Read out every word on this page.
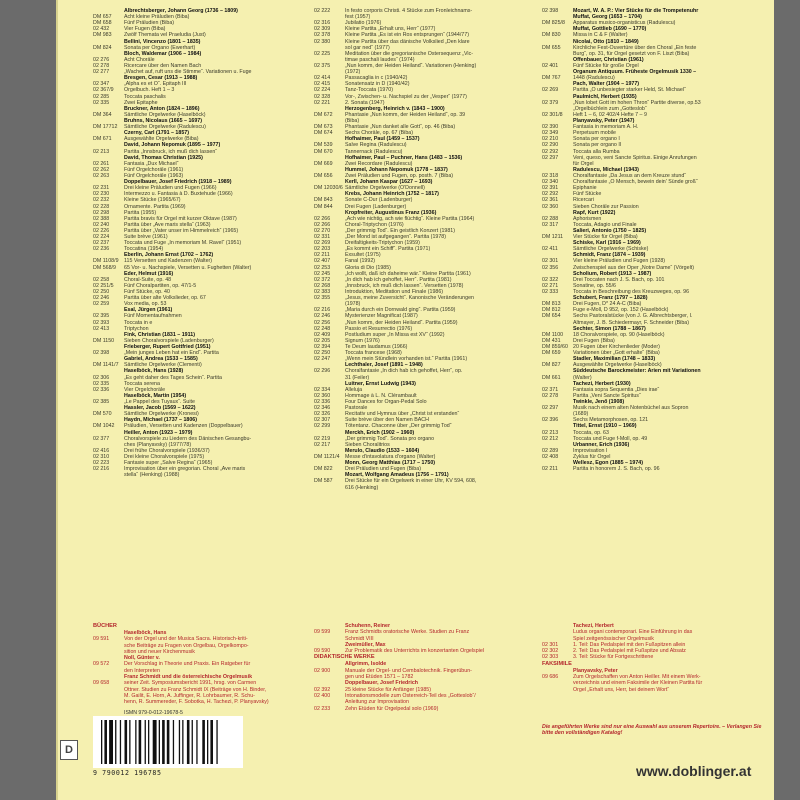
Albrechtsberger, Johann Georg (1736 – 1809)
DM 657	Acht kleine Präludien (Biba)
DM 658	Fünf Präludien (Biba)
02 432	Vier Fugen (Biba)
DM 983	Zwölf Themata vel Praeludia (Just)
Bellini, Vincenzo (1801 – 1835)
DM 824	Sonata per Organo (Ewerhart)
Bloch, Waldemar (1906 – 1984)
02 276	Acht Choräle
02 278	Ricercare über den Namen Bach
02 277	„Wachet auf, ruft uns die Stimme“. Variationen u. Fuge
Bresgen, Cesar (1913 – 1988)
02 347	„Alpha es et O“. Epitaph III
02 367/9	Orgelbuch. Heft 1 – 3
02 285	Toccata paschalis
02 335	Zwei Epitaphe
Bruckner, Anton (1824 – 1896)
DM 364	Sämtliche Orgelwerke (Haselböck)
Bruhns, Nicolaus (1665 – 1697)
DM 17712	Sämtliche Orgelwerke (Radulescu)
Czerny, Carl (1791 – 1857)
DM 671	Ausgewählte Orgelwerke (Biba)
David, Johann Nepomuk (1895 – 1977)
02 213	Partita „Innsbruck, ich muß dich lassen“
David, Thomas Christian (1925)
02 261	Fantasia „Dux Michael“
02 262	Fünf Orgelchoräle (1961)
02 263	Fünf Orgelchoräle (1963)
Doppelbauer, Josef Friedrich (1918 – 1989)
02 231	Drei kleine Präludien und Fugen (1966)
02 230	Intermezzo u. Fantasia à D. Buxtehude (1966)
02 232	Kleine Stücke (1965/67)
02 228	Ornamente. Partita (1969)
02 298	Partita (1955)
02 388	Partita bravis für Orgel mit kurzer Oktave (1987)
02 240	Partita über „Ave maris stella“ (1963)
02 226	Partita über „Vater unser im Himmelreich“ (1965)
02 224	Suite brève (1961)
02 237	Toccata und Fuge „In memoriam M. Ravel“ (1951)
02 236	Toccatina (1954)
Eberlin, Johann Ernst (1702 – 1762)
DM 1108/9	115 Versetten und Kadenzen (Walter)
DM 568/9	65 Vor- u. Nachspiele, Versetten u. Fughetten (Walter)
Eder, Helmut (1916)
02 258	Choral-Suite, op. 48
02 251/5	Fünf Choralpartiten, op. 47/1-5
02 250	Fünf Stücke, op. 40
02 246	Partita über alte Volkslieder, op. 67
02 259	Vox media, op. 53
Esal, Jürgen (1961)
02 395	Fünf Momentaufnahmen
02 393	Toccata in e
02 413	Triptychon
Fink, Christian (1831 – 1911)
DM 1150	Sieben Choralvorspiele (Ladenburger)
Frieberger, Rupert Gottfried (1951)
02 398	„Mein junges Leben hat ein End“. Partita
Gabriel, Andrea (1533 – 1585)
DM 1141/7	Sämtliche Orgelwerke (Clementi)
Haselböck, Hans (1928)
02 306	„Es geht daher des Tages Schein“. Partita
02 335	Toccata serena
02 336	Vier Orgelchoräle
Haselböck, Martin (1954)
02 385	„Le Pappel des Tuyaux“. Suite
Hassler, Jacob (1569 – 1622)
DM 570	Sämtliche Orgelwerke (Kronesi)
Haydn, Michael (1737 – 1806)
DM 1042	Präludien, Versetten und Kadenzen (Doppelbauer)
Heiller, Anton (1923 – 1979)
02 377	Choralvorspiele zu Liedern des Dänischen Gesangbu-
ches (Planyavsky) (1977/78)
02 416	Drei frühe Choralvorspiele (1936/37)
02 310	Drei kleine Choralvorspiele (1975)
02 223	Fantasie super „Salve Regina“ (1965)
02 216	Improvisation über ein gregorian. Choral „Ave maris
stella“ (Henking) (1988)
02 222	In festo corporis Christi. 4 Stücke zum Fronleichnams-
fest (1957)
02 316	Jubilatio (1976)
02 309	Kleine Partita „Erhalt uns, Herr“ (1977)
02 378	Kleine Partita „Es ist ein Ros entsprungen“ (1944/77)
02 380	Kleine Partita über das dänische Volkslied „Den klare
sol gar ned“ (1977)
02 225	Meditation über die gregorianische Ostersequenz „Vic-
timae paschali laudes“ (1974)
02 375	„Nun komm, der Heiden Heiland“. Variationen (Henking)
(1972)
02 414	Passacaglia in c (1940/42)
02 415	Sonatensatz in D (1940/42)
02 224	Tanz-Toccata (1970)
02 328	Vor-, Zwischen- u. Nachspiel zu der „Vesper“ (1977)
02 221	2. Sonata (1947)
Herzogenberg, Heinrich v. (1843 – 1900)
DM 672	Phantasie „Nun komm, der Heiden Heiland“, op. 39
(Biba)
DM 673	Phantasie „Nun danket alle Gott“, op. 46 (Biba)
DM 674	Sechs Choräle, op. 67 (Biba)
Hofhaimer, Paul (1459 – 1537)
DM 539	Salve Regina (Radulescu)
DM 670	Tannernack (Radulescu)
Hofhaimer, Paul – Puchner, Hans (1483 – 1536)
DM 669	Zwei Recordare (Radulescu)
Hummel, Johann Nepomuk (1778 – 1837)
DM 656	Zwei Präludien und Fugen, op. posth. 7 (Biba)
Kerll, Johann Kaspar (1627 – 1693)
DM 12030/6 Sämtliche Orgelwerke (O'Donnell)
Krebs, Johann Heinrich (1752 – 1817)
DM 843	Sonate C-Dur (Ladenburger)
DM 844	Drei Fugen (Ladenburger)
Kropfreiter, Augustinus Franz (1936)
02 266	„Ach wie nichtig, ach wie flüchtig“. Kleine Partita (1964)
02 266	Choral-Triptychon (1976)
02 270	„Der grimmig Tod“. Ein geistlich Konzert (1981)
02 331	„Der Mond ist aufgegangen“. Partita (1978)
02 269	Dreifaltigkeits-Triptychon (1959)
02 203	„Es kommt ein Schiff“. Partita (1971)
02 211	Exsultet (1975)
02 407	Fanal (1992)
02 253	Gloria di Dio (1985)
02 245	„Ich wollt, daß ich daheime wär.“ Kleine Partita (1961)
02 372	„In dich hab ich gehoffet, Herr“. Partita (1981)
02 268	„Innsbruck, ich muß dich lassen“. Versetten (1978)
02 383	Introduktion, Meditation und Finale (1986)
02 355	„Jesus, meine Zuversicht“. Kanonische Veränderungen
(1978)
02 216	„Maria durch ein Dornwald ging“. Partita (1959)
02 246	Mysterienzer Magnificat (1987)
02 256	„Nun komm, der Heiden Heiland“. Partita (1959)
02 248	Passio et Resurrectio (1976)
02 409	Postludium super „In Missa est XV“ (1992)
02 205	Signum (1976)
02 394	Te Deum laudamus (1966)
02 250	Toccata francese (1968)
02 247	„Wenn mein Stündlein vorhanden ist.“ Partita (1961)
Lechthaler, Josef (1891 – 1948)
02 296	Choralfantasie „In dich hab ich gehoffet, Herr“, op.
31 (Feiler)
Luitner, Ernst Ludwig (1943)
02 334	Alleluja
02 360	Hommage à L. N. Clérambault
02 336	Four Dances for Organ-Pedal Solo
02 346	Pastorale
02 326	Recitativ und Hymnus über „Christ ist erstanden“
02 307	Suite brève über den Namen BACH
02 299	Tötentanz. Chaconne über „Der grimmig Tod“
Merckh, Erich (1902 – 1960)
02 219	„Der grimmig Tod“. Sonata pro organo
02 217	Sieben Choralitrios
Merulo, Claudio (1533 – 1604)
DM 1121/4	Messe d'intavolatura d'organo (Walter)
Monn, Georg Matthias (1717 – 1750)
DM 822	Drei Präludien und Fugen (Biba)
Mozart, Wolfgang Amadeus (1756 – 1791)
DM 587	Drei Stücke für ein Orgelwerk in einer Uhr, KV 594, 608,
616 (Henking)
02 398	Mozart, W. A. P.: Vier Stücke für die Trompetenuhr
Muffat, Georg (1653 – 1704)
DM 825/8	Apparatus musico-organisticus (Radulescu)
Muffat, Gottlieb (1690 – 1770)
DM 830	Missa in C & F (Walter)
Nicolai, Otto (1810 – 1849)
DM 655	Kirchliche Fest-Ouvertüre über den Choral „Ein feste
Burg“, op. 31, für Orgel gesetzt von F. Liszt (Biba)
Offenbauer, Christian (1961)
02 401	Fünf Stücke für große Orgel
Organum Antiquum. Früheste Orgelmusik 1330 –
DM 767	1448 (Radulescu)
Pach, Walter (1904 – 1977)
02 269	Partita „O unbesiegter starker Held, St. Michael“
Paulmichl, Herbert (1935)
02 379	„Nun lobet Gott im hohen Thron“ Partite diverse, op.53
„Orgelbüchlein zum „Gotteslob“
02 301/8	Heft 1 – 6, 02 402/4 Hefte 7 – 9
Planyavsky, Peter (1947)
02 390	Fantasia in memoriam A. H.
02 349	Perpetuum mobile
02 210	Sonata per organo I
02 290	Sonata per organo II
02 292	Toccata alla Rumba
02 297	Veni, queso, veni Sancte Spiritus. Einige Anrufungen
für Orgel
Radulescu, Michael (1943)
02 318	Choralfantasie „Da Jesus an dem Kreuze stund“
02 340	Choralfantasie „O Mensch, bewein dein' Sünde groß“
02 391	Epiphanie
02 292	Fünf Stücke
02 361	Ricercari
02 360	Sieben Choräle zur Passion
Rapf, Kurt (1922)
02 288	Aphorismen
02 317	Toccata, Adagio und Finale
Salieri, Antonio (1750 – 1825)
DM 1211	Vier Stücke für Orgel (Biba)
Schiske, Karl (1916 – 1969)
02 411	Sämtliche Orgelwerke (Schiske)
Schmidt, Franz (1874 – 1939)
02 301	Vier kleine Präludien und Fugen (1928)
02 356	Zwischenspiel aus der Oper „Notre Dame“ (Vörgelt)
Scholium, Robert (1913 – 1987)
02 322	Drei Toccaten nach J. S. Bach, op. 101
02 271	Sonatine, op. 55/6
02 333	Toccata in Beschreibung des Kreuzweges, op. 96
Schubert, Franz (1797 – 1828)
DM 813	Drei Fugen, D* 24 A-C (Biba)
DM 812	Fuge e-Moll, D 952, op. 152 (Haselböck)
DM 654	Sechs Pastoralstücke (von J. G. Albrechtsberger, I.
Altmayer, J. B. Schiedermayr, F. Schneider (Biba)
Sechter, Simon (1788 – 1867)
DM 1100	18 Choralvorspiele, op. 90 (Haselböck)
DM 431	Drei Fugen (Biba)
DM 859/60 20 Fugen über Kirchenlieder (Moder)
DM 659	Variationen über „Gott erhalte“ (Biba)
Stadler, Maximilian (1748 – 1833)
DM 827	Ausgewählte Orgelwerke (Haselböck)
Süddeutsche Barockmeister: Arien mit Variationen
DM 661	(Walter)
Tachezi, Herbert (1930)
02 371	Fantasia sopra Sequentia „Dies irae“
02 278	Partita „Veni Sancte Spiritus“
Twinkle, Jenő (1908)
02 297	Musik nach einem alten Notenbüchel aus Sopron
(1689)
02 396	Sechs Metamorphosen, op. 121
Tittel, Ernst (1910 – 1969)
02 213	Toccata, op. 63
02 212	Toccata und Fuge f-Moll, op. 49
Urbanner, Erich (1936)
02 289	Improvisation I
02 408	Zyklus für Orgel
Wellesz, Egon (1885 – 1974)
02 211	Partita in honorem J. S. Bach, op. 96
BÜCHER
Haselböck, Hans
09 591	Von der Orgel und der Musica Sacra. Historisch-kriti-
sche Beiträge zu Fragen von Orgelbau, Orgelkompo-
sition und neuer Kirchenmusik
Noll, Günter v.
09 572	Der Vorschlag in Theorie und Praxis. Ein Ratgeber für
den Interpreten
Franz Schmidt und die österreichische Orgelmusik
09 658	seiner Zeit. Symposiumsbericht 1991, hrsg. von Carmen
Ottner. Studien zu Franz Schmidt IX (Beiträge von H. Binder,
M. Gailit, E. Horn, A. Juffinger, R. Lohrbaumer, R. Schu-
henn, R. Summereder, F. Sobotka, H. Tachezi, P. Planyavsky)
Schuhenn, Reiner
09 599	Franz Schmidts oratorische Werke. Studien zu Franz
Schmidt VIII
Zweimüller, Max
09 590	Zur Problematik des Unterrichts im konzertanten Orgelspiel
DIDAKTISCHE WERKE
Allgrimm, Isolde
02 900	Manuale der Orgel- und Cembalotechnik. Fingerübun-
gen und Etüden 1571 – 1782
Doppelbauer, Josef Friedrich
02 392	25 kleine Stücke für Anfänger (1985)
02 400	Intonationsmodelle zum Österreich-Teil des „Gotteslob“/
Anleitung zur Improvisation
02 233	Zehn Etüden für Orgelpedal solo (1969)
Tachezi, Herbert
Ludus organi contemporari. Eine Einführung in das
Spiel zeitgenössischer Orgelmusik
02 301	1. Teil: Das Pedalspiel mit den Fußspitzen allein
02 302	2. Teil: Das Pedalspiel mit Fußspitze und Absatz
02 303	3. Teil: Stücke für Fortgeschrittene
FAKSIMILE
Planyavsky, Peter
09 686	Zum Orgelschaffen von Anton Heiller. Mit einem Werk-
verzeichnis und einem Faksimile der Kleinen Partita für
Orgel „Erhalt uns, Herr, bei deinem Wort“
ISMN 979-0-012-19678-5
9 790012 196785
D
Die angeführten Werke sind nur eine Auswahl aus unserem Repertoire. – Verlangen Sie bitte den vollständigen Katalog!
www.doblinger.at
